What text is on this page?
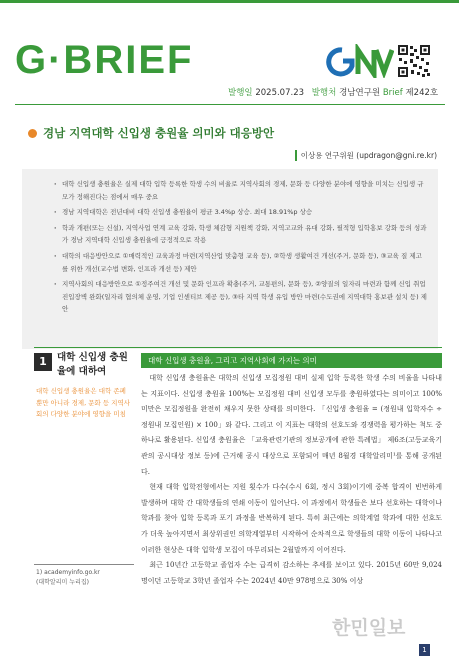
G·BRIEF
발행일 2025.07.23 발행처 경남연구원 Brief 제242호
경남 지역대학 신입생 충원율 의미와 대응방안
이상용 연구위원 (updragon@gni.re.kr)
· 대학 신입생 충원율은 실제 대학 입학 등록한 학생 수의 비율로 지역사회의 경제, 문화 등 다양한 분야에 영향을 미치는 신입생 규모가 정해진다는 점에서 매우 중요
· 경남 지역대학은 전년대비 대학 신입생 충원율이 평균 3.4%p 상승. 최대 18.91%p 상승
· 학과 개편(또는 신설), 지역사업 연계 교육 강화, 학생 체감형 지원책 강화, 지역고교와 유대 강화, 필적형 입학홍보 강화 등의 성과가 경남 지역대학 신입생 충원율에 긍정적으로 작용
· 대학의 대응방안으로 ①매력적인 교육과정 마련(지역산업 맞춤형 교육 등), ②학생 생활여건 개선(주거, 문화 등), ③교육 질 제고를 위한 개선(교수법 변화, 인프라 개선 등) 제안
· 지역사회의 대응방안으로 ①정주여건 개선 및 문화 인프라 확충(주거, 교통편의, 문화 등), ②양질의 일자리 마련과 함께 신입 취업 진입장벽 완화(일자리 협의체 운영, 기업 인센티브 제공 등), ③타 지역 학생 유입 방안 마련(수도권에 지역대학 홍보관 설치 등) 제안
1	대학 신입생 충원율에 대하여
대학 신입생 충원율은 대학 존폐뿐만 아니라 경제, 문화 등 지역사회의 다양한 분야에 영향을 미침
1) academyinfo.go.kr
(대학알리미 누리집)
대학 신입생 충원율, 그리고 지역사회에 가지는 의미

대학 신입생 충원율은 대학의 신입생 모집정원 대비 실제 입학 등록한 학생 수의 비율을 나타내는 지표이다. 신입생 충원율 100%는 모집정원 대비 신입생 모두를 충원하였다는 의미이고 100% 미만은 모집정원을 완전히 채우지 못한 상태를 의미한다. 「신입생 충원율 = (정원내 입학자수 ÷ 정원내 모집인원) × 100」와 같다. 그리고 이 지표는 대학의 선호도와 경쟁력을 평가하는 척도 중 하나로 활용된다. 신입생 충원율은 「교육관련기관의 정보공개에 관한 특례법」 제6조(고등교육기관의 공시대상 정보 등)에 근거해 공시 대상으로 포함되어 매년 8월경 대학알리미¹를 통해 공개된다.

현재 대학 입학전형에서는 지원 횟수가 다수(수시 6회, 정시 3회)이기에 중복 합격이 빈번하게 발생하며 대학 간 대학생들의 연쇄 이동이 일어난다. 이 과정에서 학생들은 보다 선호하는 대학이나 학과를 찾아 입학 등록과 포기 과정을 반복하게 된다. 특히 최근에는 의학계열 학과에 대한 선호도가 더욱 높아지면서 최상위권인 의학계열부터 시작하여 순차적으로 학생들의 대학 이동이 나타나고 이러한 현상은 대학 입학생 모집이 마무리되는 2월말까지 이어진다.

최근 10년간 고등학교 졸업자 수는 급격히 감소하는 추세를 보이고 있다. 2015년 60만 9,024명이던 고등학교 3학년 졸업자 수는 2024년 40만 978명으로 30% 이상

한민일보
1
